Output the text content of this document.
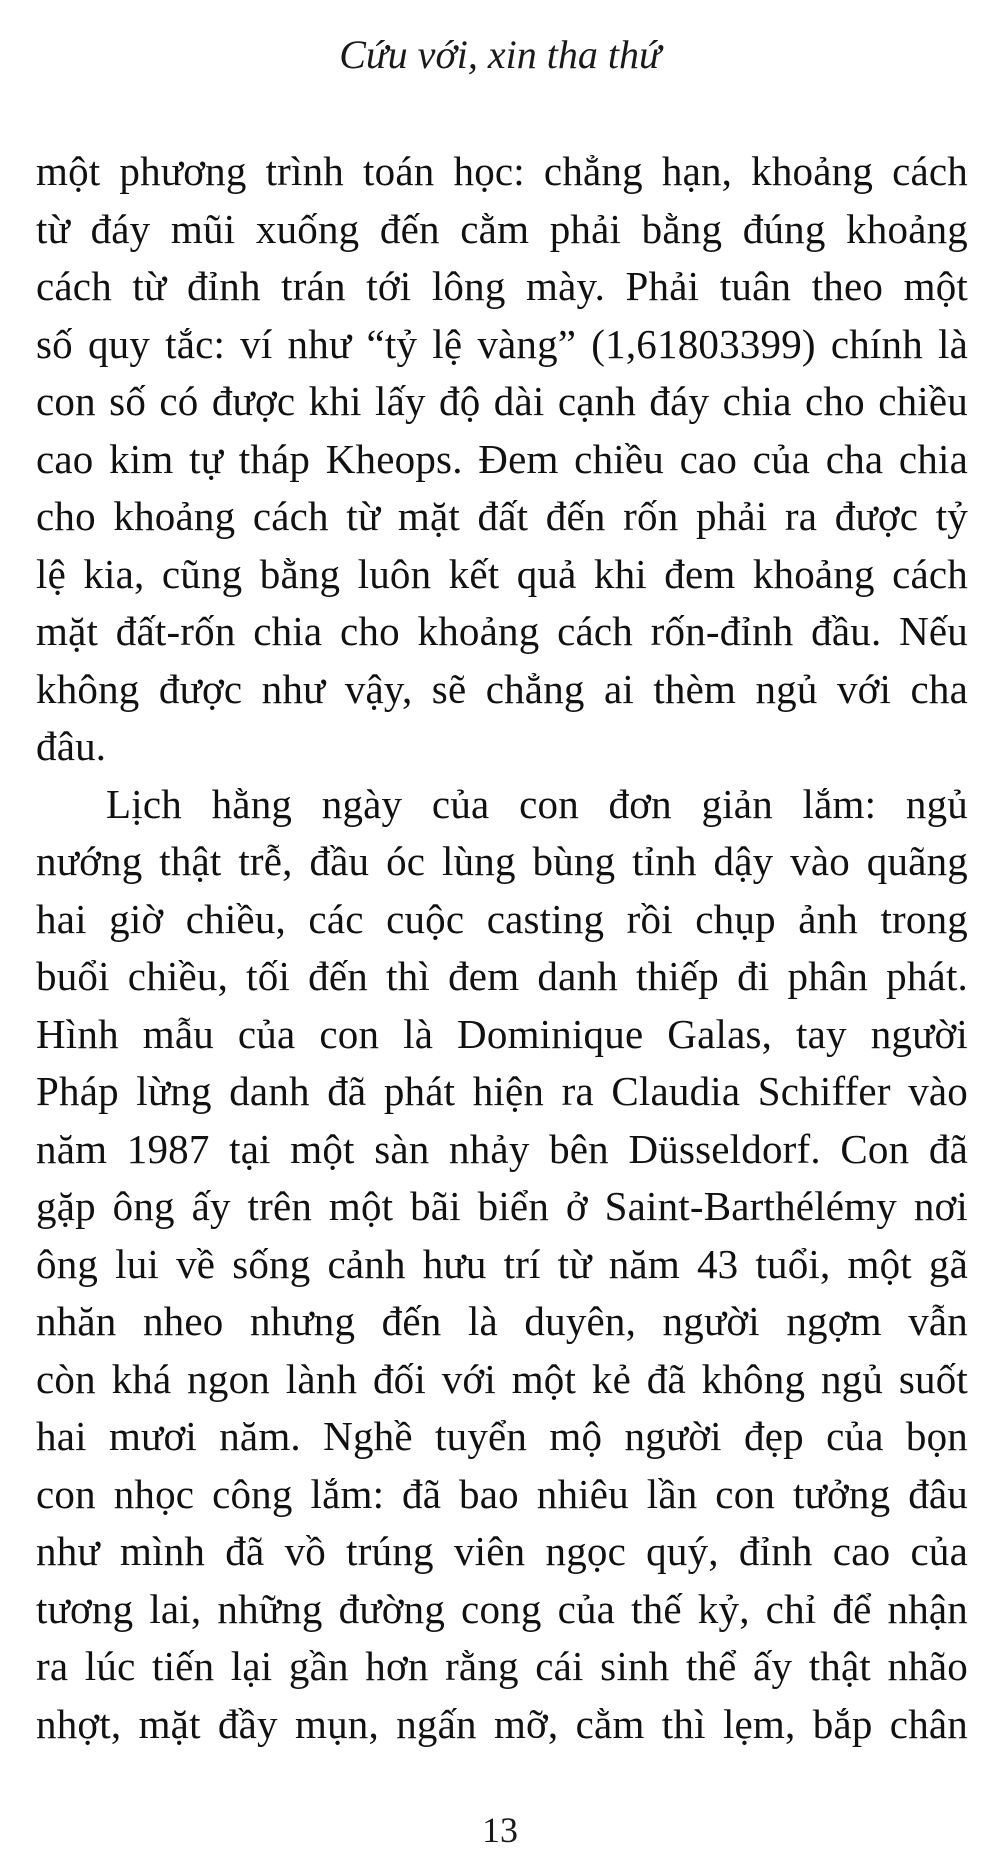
Cứu với, xin tha thứ
một phương trình toán học: chẳng hạn, khoảng cách
từ đáy mũi xuống đến cằm phải bằng đúng khoảng
cách từ đỉnh trán tới lông mày. Phải tuân theo một
số quy tắc: ví như “tỷ lệ vàng” (1,61803399) chính là
con số có được khi lấy độ dài cạnh đáy chia cho chiều
cao kim tự tháp Kheops. Đem chiều cao của cha chia
cho khoảng cách từ mặt đất đến rốn phải ra được tỷ
lệ kia, cũng bằng luôn kết quả khi đem khoảng cách
mặt đất-rốn chia cho khoảng cách rốn-đỉnh đầu. Nếu
không được như vậy, sẽ chẳng ai thèm ngủ với cha
đâu.
Lịch hằng ngày của con đơn giản lắm: ngủ
nướng thật trễ, đầu óc lùng bùng tỉnh dậy vào quãng
hai giờ chiều, các cuộc casting rồi chụp ảnh trong
buổi chiều, tối đến thì đem danh thiếp đi phân phát.
Hình mẫu của con là Dominique Galas, tay người
Pháp lừng danh đã phát hiện ra Claudia Schiffer vào
năm 1987 tại một sàn nhảy bên Düsseldorf. Con đã
gặp ông ấy trên một bãi biển ở Saint-Barthélémy nơi
ông lui về sống cảnh hưu trí từ năm 43 tuổi, một gã
nhăn nheo nhưng đến là duyên, người ngợm vẫn
còn khá ngon lành đối với một kẻ đã không ngủ suốt
hai mươi năm. Nghề tuyển mộ người đẹp của bọn
con nhọc công lắm: đã bao nhiêu lần con tưởng đâu
như mình đã vồ trúng viên ngọc quý, đỉnh cao của
tương lai, những đường cong của thế kỷ, chỉ để nhận
ra lúc tiến lại gần hơn rằng cái sinh thể ấy thật nhão
nhợt, mặt đầy mụn, ngấn mỡ, cằm thì lẹm, bắp chân
13
